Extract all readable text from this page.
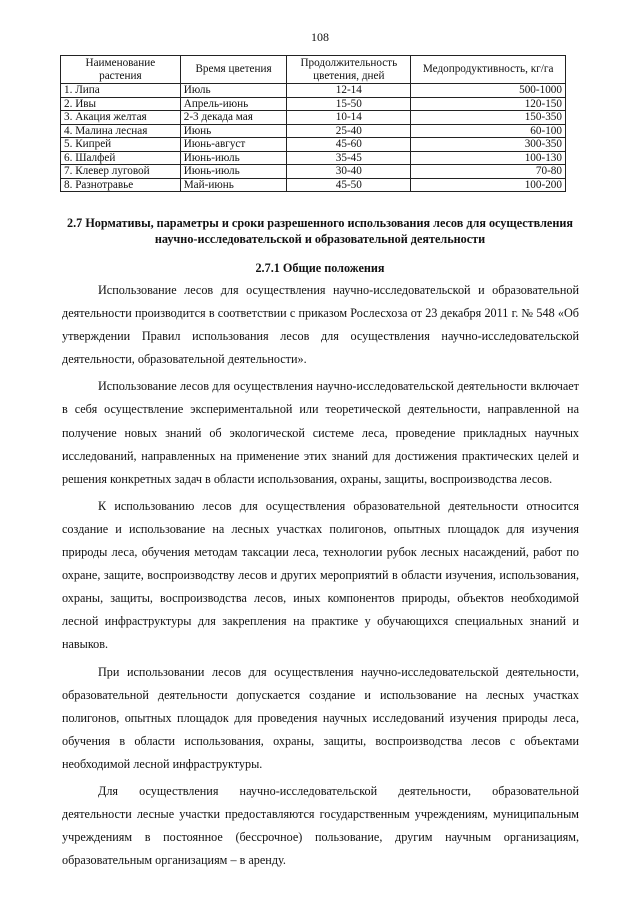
108
Наименование растения	Время цветения	Продолжительность цветения, дней	Медопродуктивность, кг/га
1. Липа	Июль	12-14	500-1000
2. Ивы	Апрель-июнь	15-50	120-150
3. Акация желтая	2-3 декада мая	10-14	150-350
4. Малина лесная	Июнь	25-40	60-100
5. Кипрей	Июнь-август	45-60	300-350
6. Шалфей	Июнь-июль	35-45	100-130
7. Клевер луговой	Июнь-июль	30-40	70-80
8. Разнотравье	Май-июнь	45-50	100-200
2.7 Нормативы, параметры и сроки разрешенного использования лесов для осуществления научно-исследовательской и образовательной деятельности
2.7.1 Общие положения

Использование лесов для осуществления научно-исследовательской и образовательной деятельности производится в соответствии с приказом Рослесхоза от 23 декабря 2011 г. № 548 «Об утверждении Правил использования лесов для осуществления научно-исследовательской деятельности, образовательной деятельности».

Использование лесов для осуществления научно-исследовательской деятельности включает в себя осуществление экспериментальной или теоретической деятельности, направленной на получение новых знаний об экологической системе леса, проведение прикладных научных исследований, направленных на применение этих знаний для достижения практических целей и решения конкретных задач в области использования, охраны, защиты, воспроизводства лесов.

К использованию лесов для осуществления образовательной деятельности относится создание и использование на лесных участках полигонов, опытных площадок для изучения природы леса, обучения методам таксации леса, технологии рубок лесных насаждений, работ по охране, защите, воспроизводству лесов и других мероприятий в области изучения, использования, охраны, защиты, воспроизводства лесов, иных компонентов природы, объектов необходимой лесной инфраструктуры для закрепления на практике у обучающихся специальных знаний и навыков.

При использовании лесов для осуществления научно-исследовательской деятельности, образовательной деятельности допускается создание и использование на лесных участках полигонов, опытных площадок для проведения научных исследований изучения природы леса, обучения в области использования, охраны, защиты, воспроизводства лесов с объектами необходимой лесной инфраструктуры.

Для осуществления научно-исследовательской деятельности, образовательной деятельности лесные участки предоставляются государственным учреждениям, муниципальным учреждениям в постоянное (бессрочное) пользование, другим научным организациям, образовательным организациям – в аренду.
